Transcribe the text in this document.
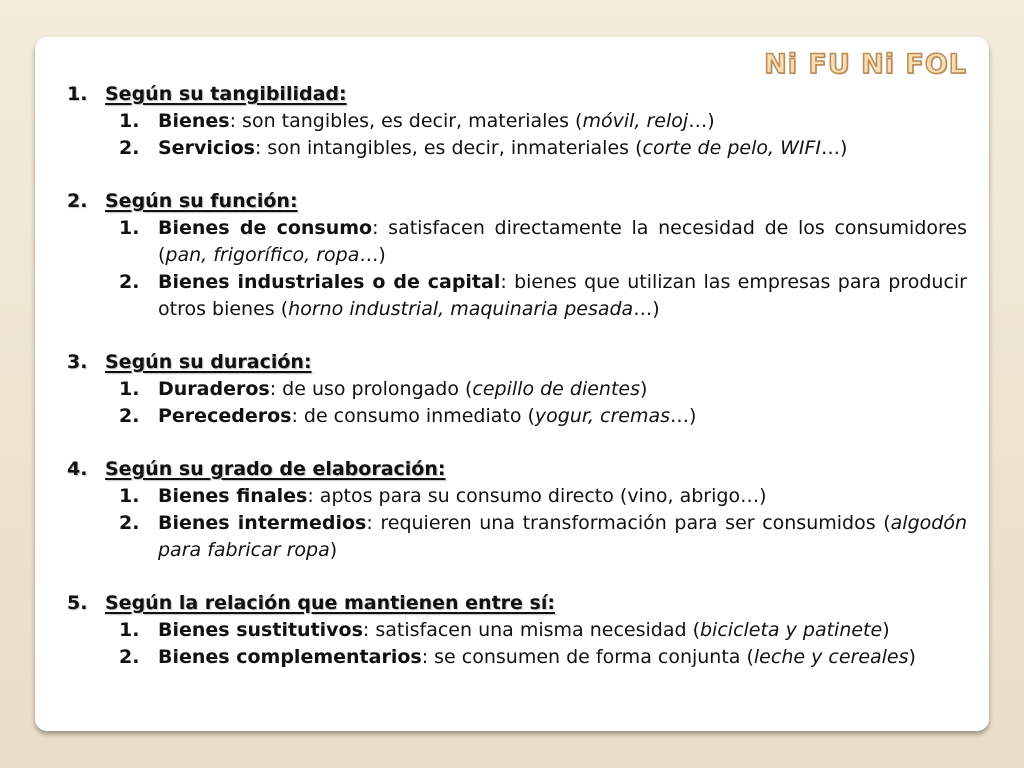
Ni FU Ni FOL
1. Según su tangibilidad:
1. Bienes: son tangibles, es decir, materiales (móvil, reloj…)
2. Servicios: son intangibles, es decir, inmateriales (corte de pelo, WIFI…)
2. Según su función:
1. Bienes de consumo: satisfacen directamente la necesidad de los consumidores (pan, frigorífico, ropa…)
2. Bienes industriales o de capital: bienes que utilizan las empresas para producir otros bienes (horno industrial, maquinaria pesada…)
3. Según su duración:
1. Duraderos: de uso prolongado (cepillo de dientes)
2. Perecederos: de consumo inmediato (yogur, cremas…)
4. Según su grado de elaboración:
1. Bienes finales: aptos para su consumo directo (vino, abrigo…)
2. Bienes intermedios: requieren una transformación para ser consumidos (algodón para fabricar ropa)
5. Según la relación que mantienen entre sí:
1. Bienes sustitutivos: satisfacen una misma necesidad (bicicleta y patinete)
2. Bienes complementarios: se consumen de forma conjunta (leche y cereales)
